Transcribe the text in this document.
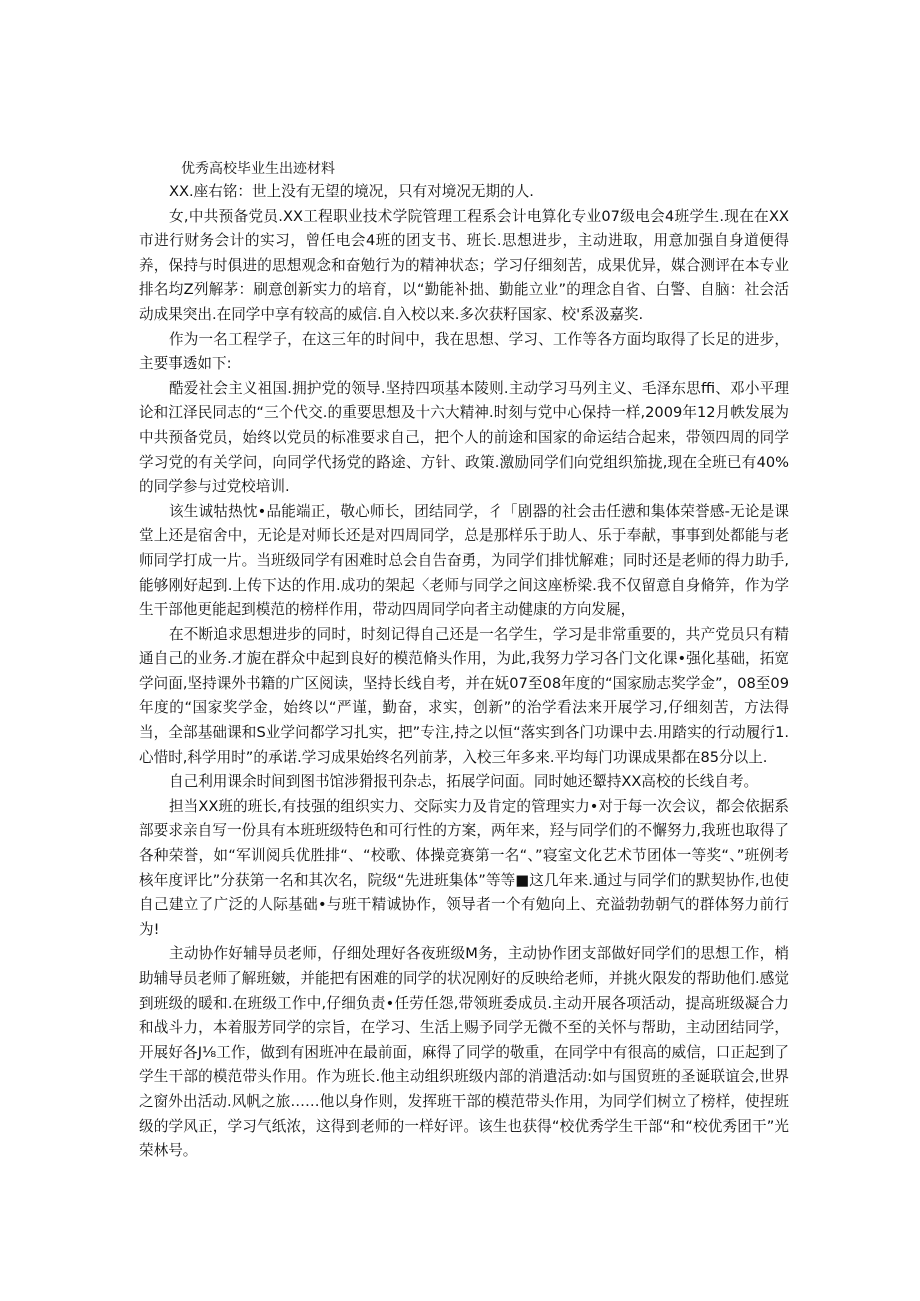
优秀高校毕业生出迹材料

XX.座右铭：世上没有无望的境况，只有对境况无期的人.

女,中共预备党员.XX工程职业技术学院管理工程系会计电算化专业07级电会4班学生.现在在XX市进行财务会计的实习，曾任电会4班的团支书、班长.思想进步，主动进取，用意加强自身道便得养，保持与时俱进的思想观念和奋勉行为的精神状态；学习仔细刻苦，成果优异，媒合测评在本专业排名均Z列解茅：刷意创新实力的培育，以“勤能补拙、勤能立业”的理念自省、白警、自脑：社会活动成果突出.在同学中享有较高的威信.自入校以来.多次获籽国家、校'系汲嘉奖.

作为一名工程学子，在这三年的时间中，我在思想、学习、工作等各方面均取得了长足的进步，主要事透如下:

酷爱社会主义祖国.拥护党的领导.坚持四项基本陵则.主动学习马列主义、毛泽东思ffi、邓小平理论和江泽民同志的“三个代交.的重要思想及十六大精神.时刻与党中心保持一样,2009年12月帙发展为中共预备党员，始终以党员的标准要求自己，把个人的前途和国家的命运结合起来，带领四周的同学学习党的有关学问，向同学代扬党的路途、方针、政策.激励同学们向党组织笳拢,现在全班已有40%的同学参与过党校培训.

该生诚牯热忱•品能端正，敬心师长，团结同学，彳「剧器的社会击任懑和集体荣誉感-无论是课堂上还是宿舍中，无论是对师长还是对四周同学，总是那样乐于助人、乐于奉献，事事到处都能与老师同学打成一片。当班级同学有困难时总会自告奋勇，为同学们排忧解难；同时还是老师的得力助手,能够刚好起到.上传下达的作用.成功的架起〈老师与同学之间这座桥梁.我不仅留意自身脩笄，作为学生干部他更能起到模范的榜样作用，带动四周同学向者主动健康的方向发屣，

在不断追求思想进步的同时，时刻记得自己还是一名学生，学习是非常重要的，共产党员只有精通自己的业务.才旎在群众中起到良好的模范脩头作用，为此,我努力学习各门文化课•强化基础，拓宽学问面,坚持课外书籍的广区阅读，坚持长线自考，并在妩07至08年度的“国家励志奖学金”，08至09年度的“国家奖学金，始终以“严谨，勤奋，求实，创新”的治学看法来开展学习,仔细刻苦，方法得当，全部基础课和S业学问都学习扎实，把”专注,持之以恒“落实到各门功课中去.用踏实的行动履行1.心惜时,科学用时”的承诺.学习成果始终名列前茅，入校三年多来.平均每门功课成果都在85分以上.

自己利用课余时间到图书馆涉猾报刊杂忐，拓展学问面。同时她还颦持XX高校的长线自考。

担当XX班的班长,有技强的组织实力、交际实力及肯定的管理实力•对于每一次会议，都会依据系部要求亲自写一份具有本班班级特色和可行性的方案，两年来，羟与同学们的不懈努力,我班也取得了各种荣誉，如“军训阅兵优胜排“、“校歌、体操竞赛第一名“、”寝室文化艺术节团体一等奖“、”班例考核年度评比”分获第一名和其次名，院级“先进班集体”等等■这几年来.通过与同学们的默契协作,也使自己建立了广泛的人际基础•与班干精诚协作，领导者一个有勉向上、充溢勃勃朝气的群体努力前行为!

主动协作好辅导员老师，仔细处理好各夜班级M务，主动协作团支部做好同学们的思想工作，梢助辅导员老师了解班皴，并能把有困难的同学的状况刚好的反映给老师，并挑火限发的帮助他们.感觉到班级的暖和.在班级工作中,仔细负责•任劳任怨,带领班委成员.主动开展各项活动，提高班级凝合力和战斗力，本着服芳同学的宗旨，在学习、生活上赐予同学无微不至的关怀与帮助，主动团结同学，开展好各J⅛工作，做到有困班冲在最前面，麻得了同学的敬重，在同学中有很高的威信，口正起到了学生干部的模范带头作用。作为班长.他主动组织班级内部的消遣活动:如与国贸班的圣诞联谊会,世界之窗外出活动.风帆之旅……他以身作则，发挥班干部的模范带头作用，为同学们树立了榜样，使捏班级的学风正，学习气纸浓，这得到老师的一样好评。该生也获得“校优秀学生干部“和“校优秀团干”光荣林号。
